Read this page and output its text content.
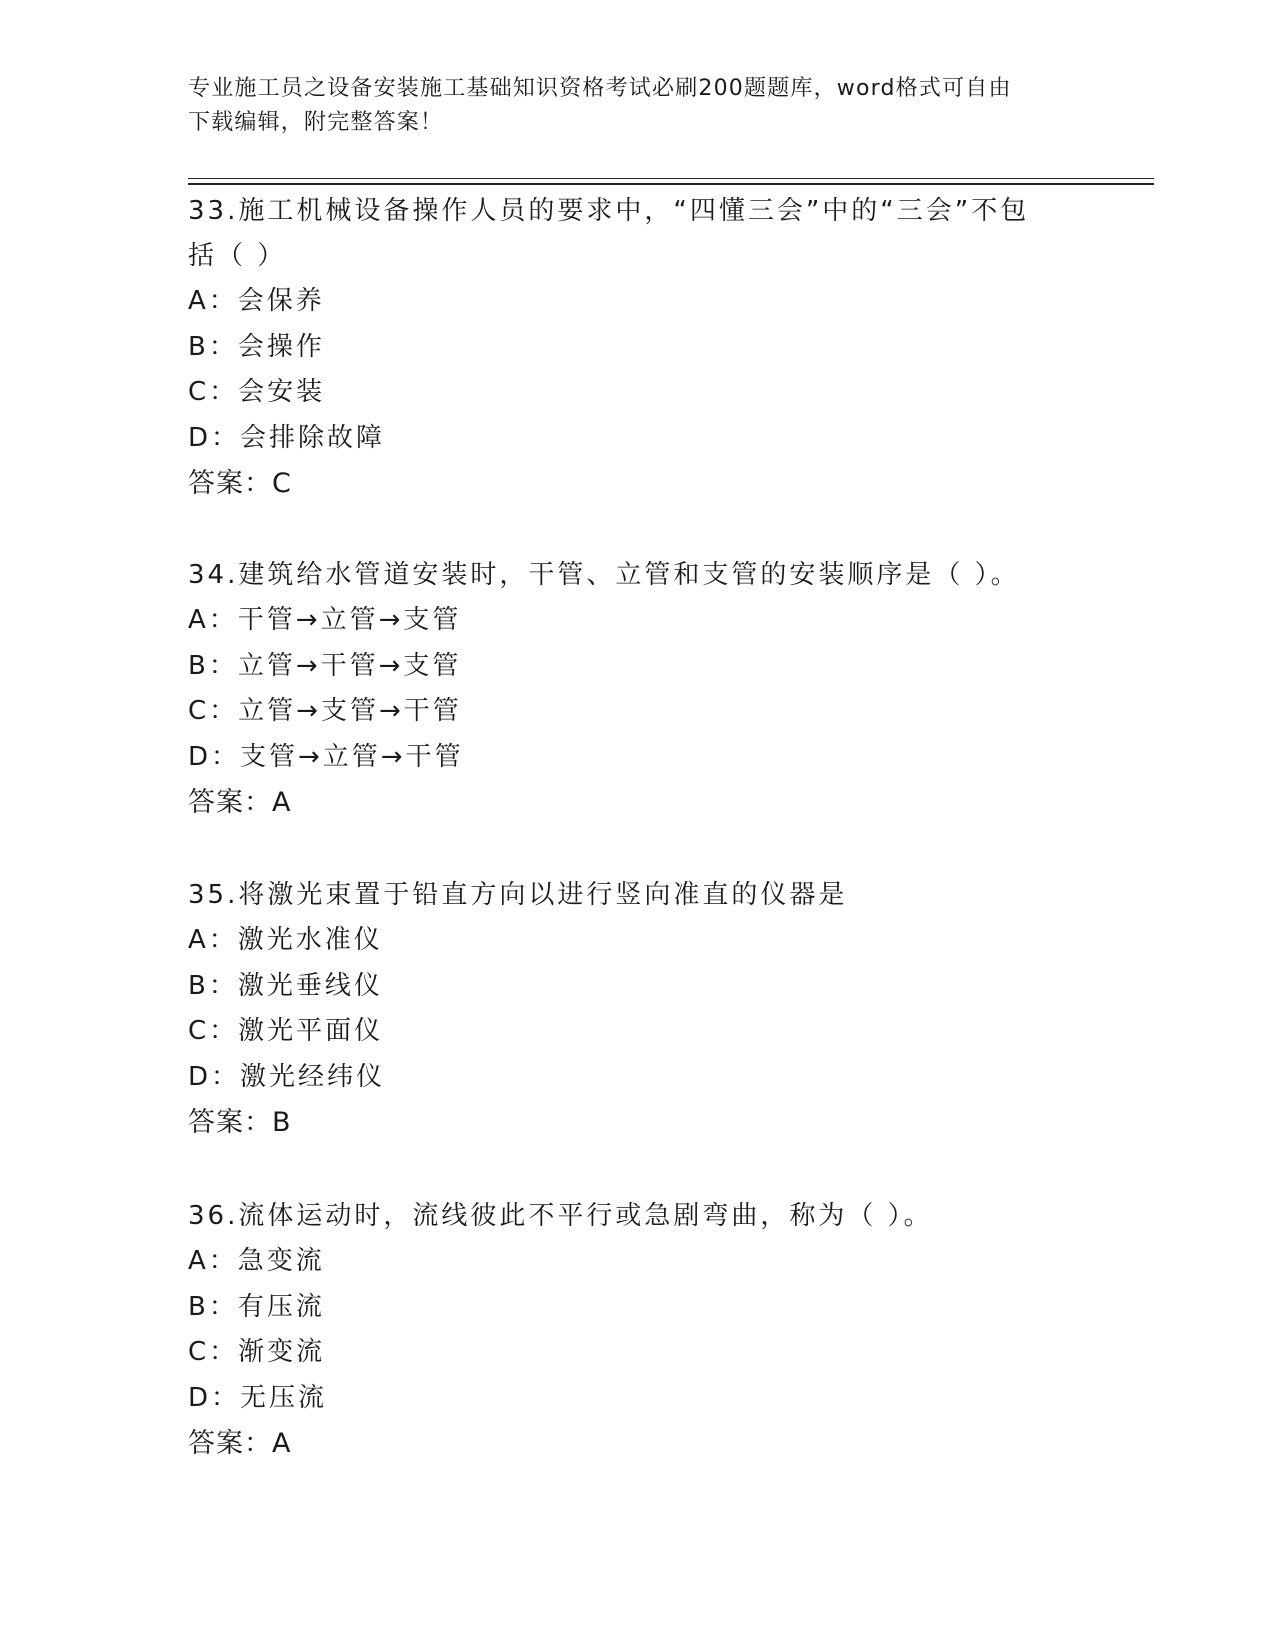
专业施工员之设备安装施工基础知识资格考试必刷200题题库，word格式可自由
下载编辑，附完整答案！
33.施工机械设备操作人员的要求中，“四懂三会”中的“三会”不包
括（ ）
A：会保养
B：会操作
C：会安装
D：会排除故障
答案：C
34.建筑给水管道安装时，干管、立管和支管的安装顺序是（ ）。
A：干管→立管→支管
B：立管→干管→支管
C：立管→支管→干管
D：支管→立管→干管
答案：A
35.将激光束置于铅直方向以进行竖向准直的仪器是
A：激光水准仪
B：激光垂线仪
C：激光平面仪
D：激光经纬仪
答案：B
36.流体运动时，流线彼此不平行或急剧弯曲，称为（ ）。
A：急变流
B：有压流
C：渐变流
D：无压流
答案：A
